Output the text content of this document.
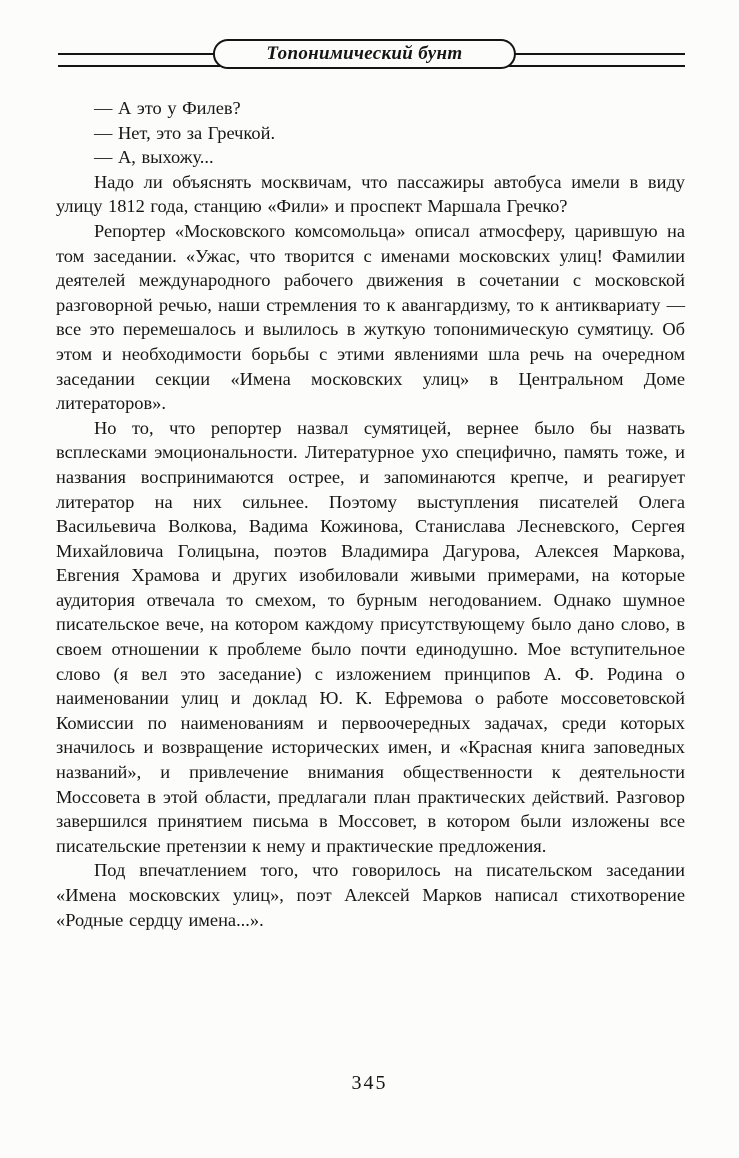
Топонимический бунт

— А это у Филев?

— Нет, это за Гречкой.

— А, выхожу...

Надо ли объяснять москвичам, что пассажиры автобуса имели в виду улицу 1812 года, станцию «Фили» и проспект Маршала Гречко?

Репортер «Московского комсомольца» описал атмосферу, царившую на том заседании. «Ужас, что творится с именами московских улиц! Фамилии деятелей международного рабочего движения в сочетании с московской разговорной речью, наши стремления то к авангардизму, то к антиквариату — все это перемешалось и вылилось в жуткую топонимическую сумятицу. Об этом и необходимости борьбы с этими явлениями шла речь на очередном заседании секции «Имена московских улиц» в Центральном Доме литераторов».

Но то, что репортер назвал сумятицей, вернее было бы назвать всплесками эмоциональности. Литературное ухо специфично, память тоже, и названия воспринимаются острее, и запоминаются крепче, и реагирует литератор на них сильнее. Поэтому выступления писателей Олега Васильевича Волкова, Вадима Кожинова, Станислава Лесневского, Сергея Михайловича Голицына, поэтов Владимира Дагурова, Алексея Маркова, Евгения Храмова и других изобиловали живыми примерами, на которые аудитория отвечала то смехом, то бурным негодованием. Однако шумное писательское вече, на котором каждому присутствующему было дано слово, в своем отношении к проблеме было почти единодушно. Мое вступительное слово (я вел это заседание) с изложением принципов А. Ф. Родина о наименовании улиц и доклад Ю. К. Ефремова о работе моссоветовской Комиссии по наименованиям и первоочередных задачах, среди которых значилось и возвращение исторических имен, и «Красная книга заповедных названий», и привлечение внимания общественности к деятельности Моссовета в этой области, предлагали план практических действий. Разговор завершился принятием письма в Моссовет, в котором были изложены все писательские претензии к нему и практические предложения.

Под впечатлением того, что говорилось на писательском заседании «Имена московских улиц», поэт Алексей Марков написал стихотворение «Родные сердцу имена...».

345
